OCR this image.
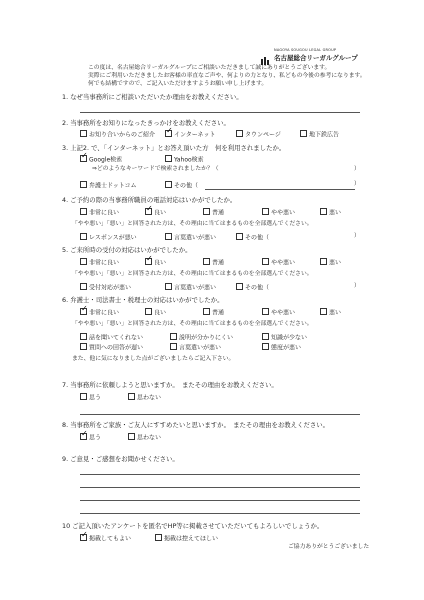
NAGOYA SOUGOU LEGAL GROUP
名古屋総合リーガルグループ
この度は、名古屋総合リーガルグループにご相談いただきまして誠にありがとうございます。
実際にご利用いただきましたお客様の率直なご声や、何よりの力となり、私どもの今後の参考になります。
何でも結構ですので、ご記入いただけますようお願い申し上げます。
1. なぜ当事務所にご相談いただいたか理由をお教えください。
2. 当事務所をお知りになったきっかけをお教えください。
お知り合いからのご紹介 ✓	インターネット	タウンページ	地下鉄広告
3. 上記2. で、「インターネット」とお答え頂いた方　何を利用されましたか。
✓Google検索	Yahoo検索
⇒どのようなキーワードで検索されましたか？（	）
弁護士ドットコム	その他（	）
4. ご予約の際の当事務所職員の電話対応はいかがでしたか。
非常に良い ✓	良い	普通	やや悪い	悪い
「やや悪い」「悪い」と回答された方は、その理由に当てはまるものを全部選んでください。
レスポンスが悪い	言葉遣いが悪い	その他（	）
5. ご来所時の受付の対応はいかがでしたか。
非常に良い ✓	良い	普通	やや悪い	悪い
「やや悪い」「悪い」と回答された方は、その理由に当てはまるものを全部選んでください。
受付対応が悪い	言葉遣いが悪い	その他（	）
6. 弁護士・司法書士・税理士の対応はいかがでしたか。
✓非常に良い	良い	普通	やや悪い	悪い
「やや悪い」「悪い」と回答された方は、その理由に当てはまるものを全部選んでください。
話を聞いてくれない	説明が分かりにくい	知識が少ない
質問への回答が遅い	言葉遣いが悪い	態度が悪い
また、他に気になりました点がございましたらご記入下さい。
7. 当事務所に依頼しようと思いますか。　またその理由をお教えください。
思う	思わない
8. 当事務所をご家族・ご友人にすすめたいと思いますか。　またその理由をお教えください。
✓思う	思わない
9. ご意見・ご感想をお聞かせください。
10 ご記入頂いたアンケートを匿名でHP等に掲載させていただいてもよろしいでしょうか。
✓掲載してもよい	掲載は控えてほしい
ご協力ありがとうございました
